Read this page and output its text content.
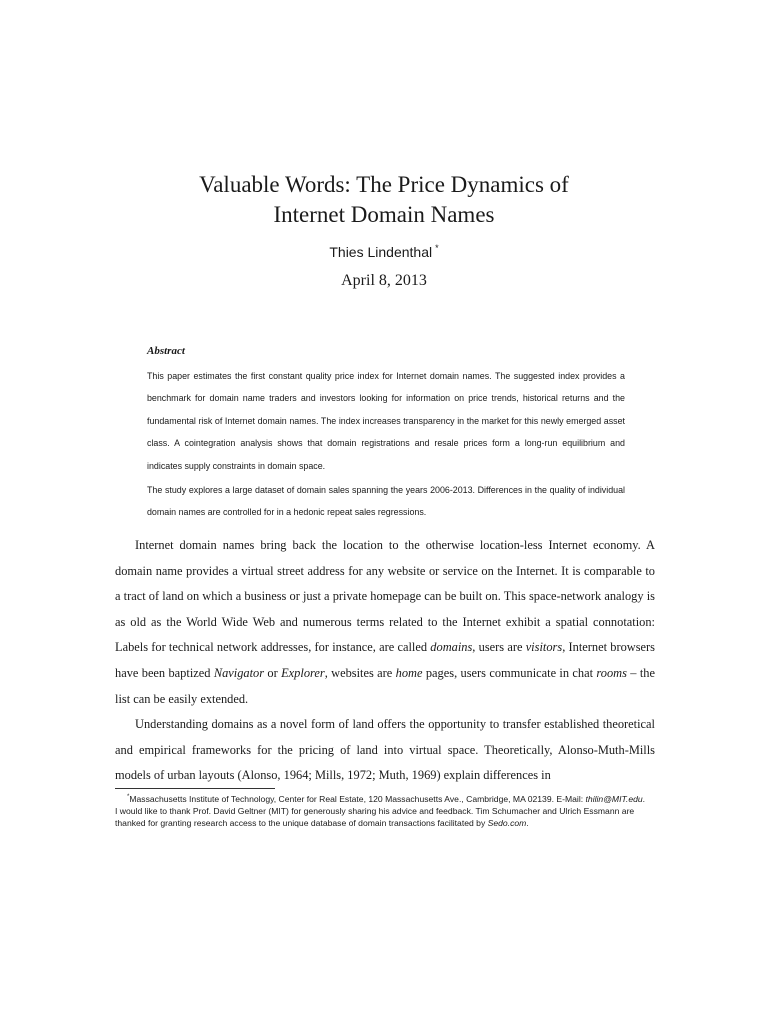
Valuable Words: The Price Dynamics of
Internet Domain Names
Thies Lindenthal *
April 8, 2013
Abstract

This paper estimates the first constant quality price index for Internet domain names. The suggested index provides a benchmark for domain name traders and investors looking for information on price trends, historical returns and the fundamental risk of Internet domain names. The index increases transparency in the market for this newly emerged asset class. A cointegration analysis shows that domain registrations and resale prices form a long-run equilibrium and indicates supply constraints in domain space.

The study explores a large dataset of domain sales spanning the years 2006-2013. Differences in the quality of individual domain names are controlled for in a hedonic repeat sales regressions.

Internet domain names bring back the location to the otherwise location-less Internet economy. A domain name provides a virtual street address for any website or service on the Internet. It is comparable to a tract of land on which a business or just a private homepage can be built on. This space-network analogy is as old as the World Wide Web and numerous terms related to the Internet exhibit a spatial connotation: Labels for technical network addresses, for instance, are called domains, users are visitors, Internet browsers have been baptized Navigator or Explorer, websites are home pages, users communicate in chat rooms – the list can be easily extended.

Understanding domains as a novel form of land offers the opportunity to transfer established theoretical and empirical frameworks for the pricing of land into virtual space. Theoretically, Alonso-Muth-Mills models of urban layouts (Alonso, 1964; Mills, 1972; Muth, 1969) explain differences in

*Massachusetts Institute of Technology, Center for Real Estate, 120 Massachusetts Ave., Cambridge, MA 02139. E-Mail: thilin@MIT.edu.

I would like to thank Prof. David Geltner (MIT) for generously sharing his advice and feedback. Tim Schumacher and Ulrich Essmann are thanked for granting research access to the unique database of domain transactions facilitated by Sedo.com.
